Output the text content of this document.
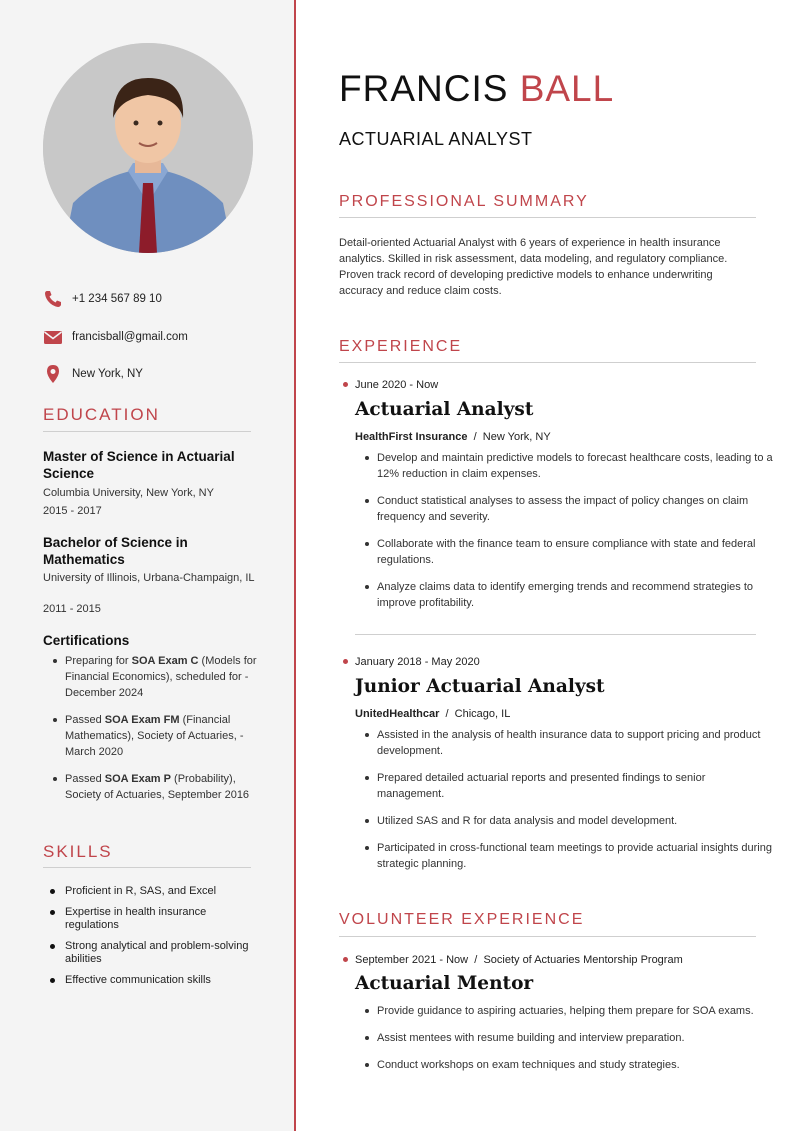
+1 234 567 89 10
francisball@gmail.com
New York, NY
EDUCATION
Master of Science in Actuarial Science
Columbia University, New York, NY
2015 - 2017
Bachelor of Science in Mathematics
University of Illinois, Urbana-Champaign, IL
2011 - 2015
Certifications
Preparing for SOA Exam C (Models for Financial Economics), scheduled for - December 2024
Passed SOA Exam FM (Financial Mathematics), Society of Actuaries, - March 2020
Passed SOA Exam P (Probability), Society of Actuaries, September 2016
SKILLS
Proficient in R, SAS, and Excel
Expertise in health insurance regulations
Strong analytical and problem-solving abilities
Effective communication skills
FRANCIS BALL
ACTUARIAL ANALYST
PROFESSIONAL SUMMARY
Detail-oriented Actuarial Analyst with 6 years of experience in health insurance analytics. Skilled in risk assessment, data modeling, and regulatory compliance. Proven track record of developing predictive models to enhance underwriting accuracy and reduce claim costs.
EXPERIENCE
June 2020 - Now
Actuarial Analyst
HealthFirst Insurance / New York, NY
Develop and maintain predictive models to forecast healthcare costs, leading to a 12% reduction in claim expenses.
Conduct statistical analyses to assess the impact of policy changes on claim frequency and severity.
Collaborate with the finance team to ensure compliance with state and federal regulations.
Analyze claims data to identify emerging trends and recommend strategies to improve profitability.
January 2018 - May 2020
Junior Actuarial Analyst
UnitedHealthcar / Chicago, IL
Assisted in the analysis of health insurance data to support pricing and product development.
Prepared detailed actuarial reports and presented findings to senior management.
Utilized SAS and R for data analysis and model development.
Participated in cross-functional team meetings to provide actuarial insights during strategic planning.
VOLUNTEER EXPERIENCE
September 2021 - Now / Society of Actuaries Mentorship Program
Actuarial Mentor
Provide guidance to aspiring actuaries, helping them prepare for SOA exams.
Assist mentees with resume building and interview preparation.
Conduct workshops on exam techniques and study strategies.
